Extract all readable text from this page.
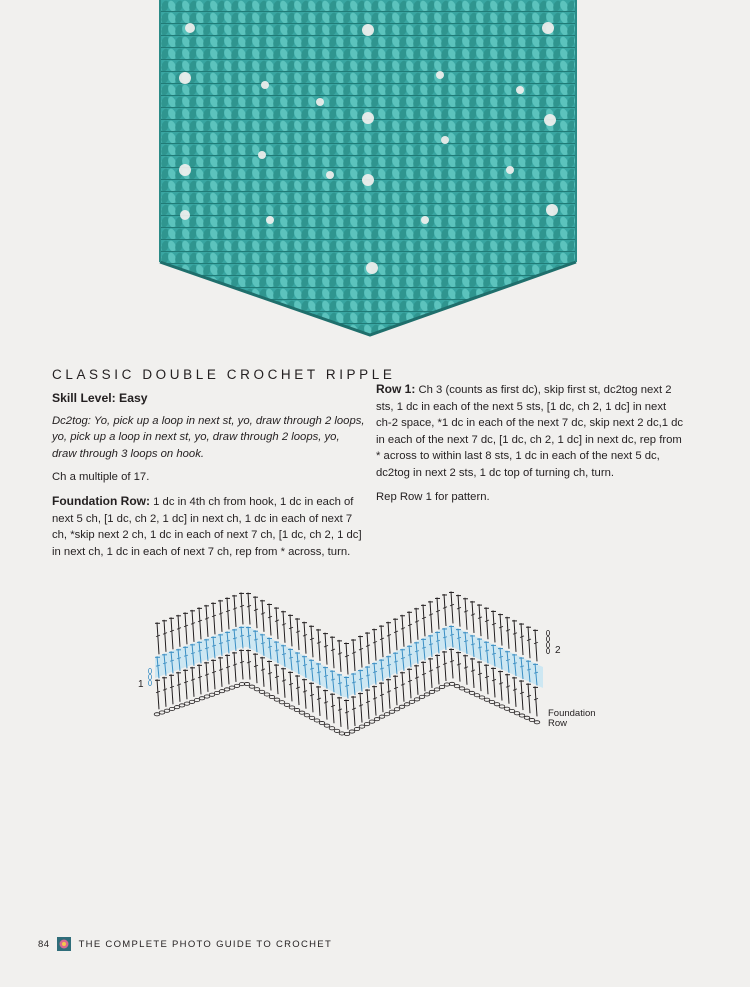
CLASSIC DOUBLE CROCHET RIPPLE

Skill Level: Easy

Dc2tog: Yo, pick up a loop in next st, yo, draw through 2 loops, yo, pick up a loop in next st, yo, draw through 2 loops, yo, draw through 3 loops on hook.

Ch a multiple of 17.

Foundation Row: 1 dc in 4th ch from hook, 1 dc in each of next 5 ch, [1 dc, ch 2, 1 dc] in next ch, 1 dc in each of next 7 ch, *skip next 2 ch, 1 dc in each of next 7 ch, [1 dc, ch 2, 1 dc] in next ch, 1 dc in each of next 7 ch, rep from * across, turn.

Row 1: Ch 3 (counts as first dc), skip first st, dc2tog next 2 sts, 1 dc in each of the next 5 sts, [1 dc, ch 2, 1 dc] in next ch-2 space, *1 dc in each of the next 7 dc, skip next 2 dc,1 dc in each of the next 7 dc, [1 dc, ch 2, 1 dc] in next dc, rep from * across to within last 8 sts, 1 dc in each of the next 5 dc, dc2tog in next 2 sts, 1 dc top of turning ch, turn.

Rep Row 1 for pattern.

1
2
Foundation
Row
84	THE COMPLETE PHOTO GUIDE TO CROCHET
